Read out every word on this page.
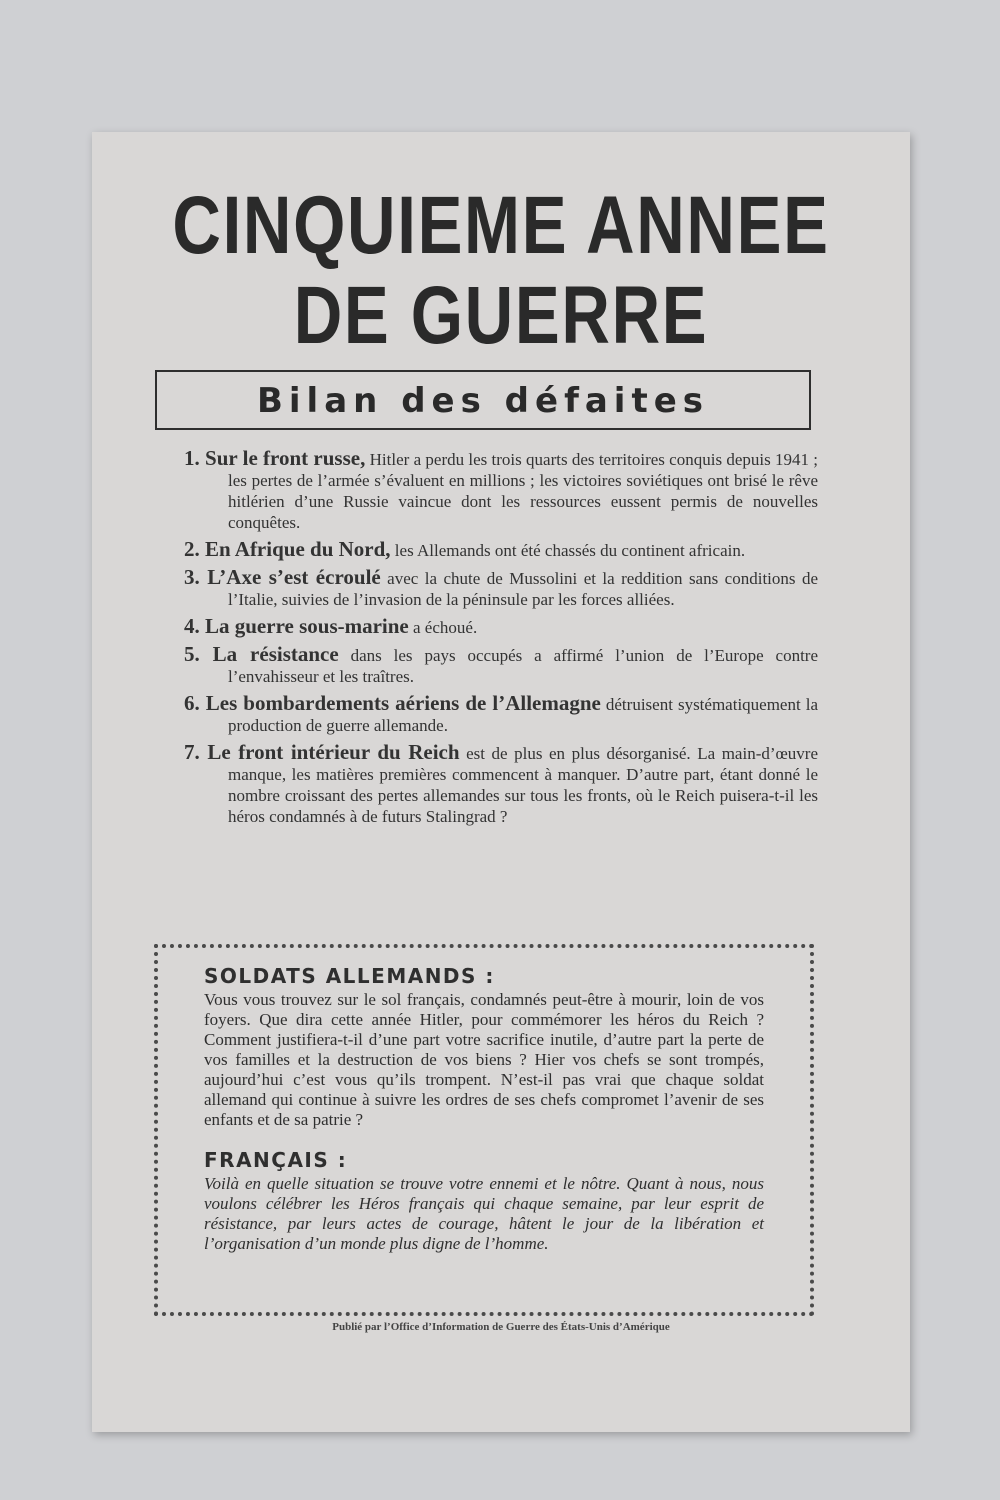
CINQUIEME ANNEE
DE GUERRE
Bilan des défaites
1. Sur le front russe, Hitler a perdu les trois quarts des territoires conquis depuis 1941 ; les pertes de l’armée s’évaluent en millions ; les victoires soviétiques ont brisé le rêve hitlérien d’une Russie vaincue dont les ressources eussent permis de nouvelles conquêtes.
2. En Afrique du Nord, les Allemands ont été chassés du continent africain.
3. L’Axe s’est écroulé avec la chute de Mussolini et la reddition sans conditions de l’Italie, suivies de l’invasion de la péninsule par les forces alliées.
4. La guerre sous-marine a échoué.
5. La résistance dans les pays occupés a affirmé l’union de l’Europe contre l’envahisseur et les traîtres.
6. Les bombardements aériens de l’Allemagne détruisent systématiquement la production de guerre allemande.
7. Le front intérieur du Reich est de plus en plus désorganisé. La main-d’œuvre manque, les matières premières commencent à manquer. D’autre part, étant donné le nombre croissant des pertes allemandes sur tous les fronts, où le Reich puisera-t-il les héros condamnés à de futurs Stalingrad ?

SOLDATS ALLEMANDS :

Vous vous trouvez sur le sol français, condamnés peut-être à mourir, loin de vos foyers. Que dira cette année Hitler, pour commémorer les héros du Reich ? Comment justifiera-t-il d’une part votre sacrifice inutile, d’autre part la perte de vos familles et la destruction de vos biens ? Hier vos chefs se sont trompés, aujourd’hui c’est vous qu’ils trompent. N’est-il pas vrai que chaque soldat allemand qui continue à suivre les ordres de ses chefs compromet l’avenir de ses enfants et de sa patrie ?

FRANÇAIS :

Voilà en quelle situation se trouve votre ennemi et le nôtre. Quant à nous, nous voulons célébrer les Héros français qui chaque semaine, par leur esprit de résistance, par leurs actes de courage, hâtent le jour de la libération et l’organisation d’un monde plus digne de l’homme.

Publié par l’Office d’Information de Guerre des États-Unis d’Amérique
